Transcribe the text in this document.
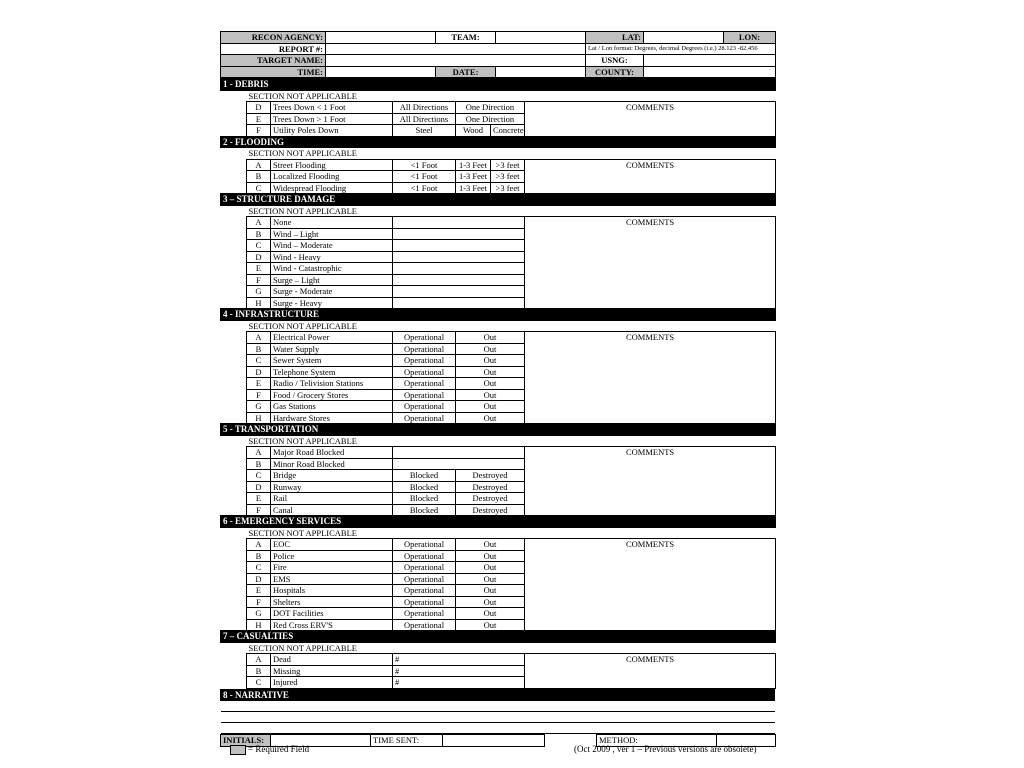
RECON AGENCY:		TEAM:		LAT:		LON:
REPORT #:				Lat / Lon format: Degrees, decimal Degrees (i.e.) 28.123 -82.456		
TARGET NAME:				USNG:		
TIME:		DATE:		COUNTY:		
1 - DEBRIS						
	SECTION NOT APPLICABLE					
	D	Trees Down < 1 Foot	All Directions	One Direction		COMMENTS
	E	Trees Down > 1 Foot	All Directions	One Direction		
	F	Utility Poles Down	Steel	Wood	Concrete	
2 - FLOODING						
	SECTION NOT APPLICABLE					
	A	Street Flooding	<1 Foot	1-3 Feet	>3 feet	COMMENTS
	B	Localized Flooding	<1 Foot	1-3 Feet	>3 feet	
	C	Widespread Flooding	<1 Foot	1-3 Feet	>3 feet	
3 – STRUCTURE DAMAGE						
	SECTION NOT APPLICABLE					
	A	None				COMMENTS
	B	Wind – Light				
	C	Wind – Moderate				
	D	Wind - Heavy				
	E	Wind - Catastrophic				
	F	Surge – Light				
	G	Surge - Moderate				
	H	Surge - Heavy				
4 - INFRASTRUCTURE						
	SECTION NOT APPLICABLE					
	A	Electrical Power	Operational	Out		COMMENTS
	B	Water Supply	Operational	Out		
	C	Sewer System	Operational	Out		
	D	Telephone System	Operational	Out		
	E	Radio / Telivision Stations	Operational	Out		
	F	Food / Grocery Stores	Operational	Out		
	G	Gas Stations	Operational	Out		
	H	Hardware Stores	Operational	Out		
5 - TRANSPORTATION						
	SECTION NOT APPLICABLE					
	A	Major Road Blocked				COMMENTS
	B	Minor Road Blocked				
	C	Bridge	Blocked	Destroyed		
	D	Runway	Blocked	Destroyed		
	E	Rail	Blocked	Destroyed		
	F	Canal	Blocked	Destroyed		
6 - EMERGENCY SERVICES						
	SECTION NOT APPLICABLE					
	A	EOC	Operational	Out		COMMENTS
	B	Police	Operational	Out		
	C	Fire	Operational	Out		
	D	EMS	Operational	Out		
	E	Hospitals	Operational	Out		
	F	Shelters	Operational	Out		
	G	DOT Facilities	Operational	Out		
	H	Red Cross ERV'S	Operational	Out		
7 – CASUALTIES						
	SECTION NOT APPLICABLE					
	A	Dead	#			COMMENTS
	B	Missing	#			
	C	Injured	#			
8 - NARRATIVE

INITIALS:		TIME SENT:			METHOD:	
= Required Field	(Oct 2009 , ver 1 – Previous versions are obsolete)
